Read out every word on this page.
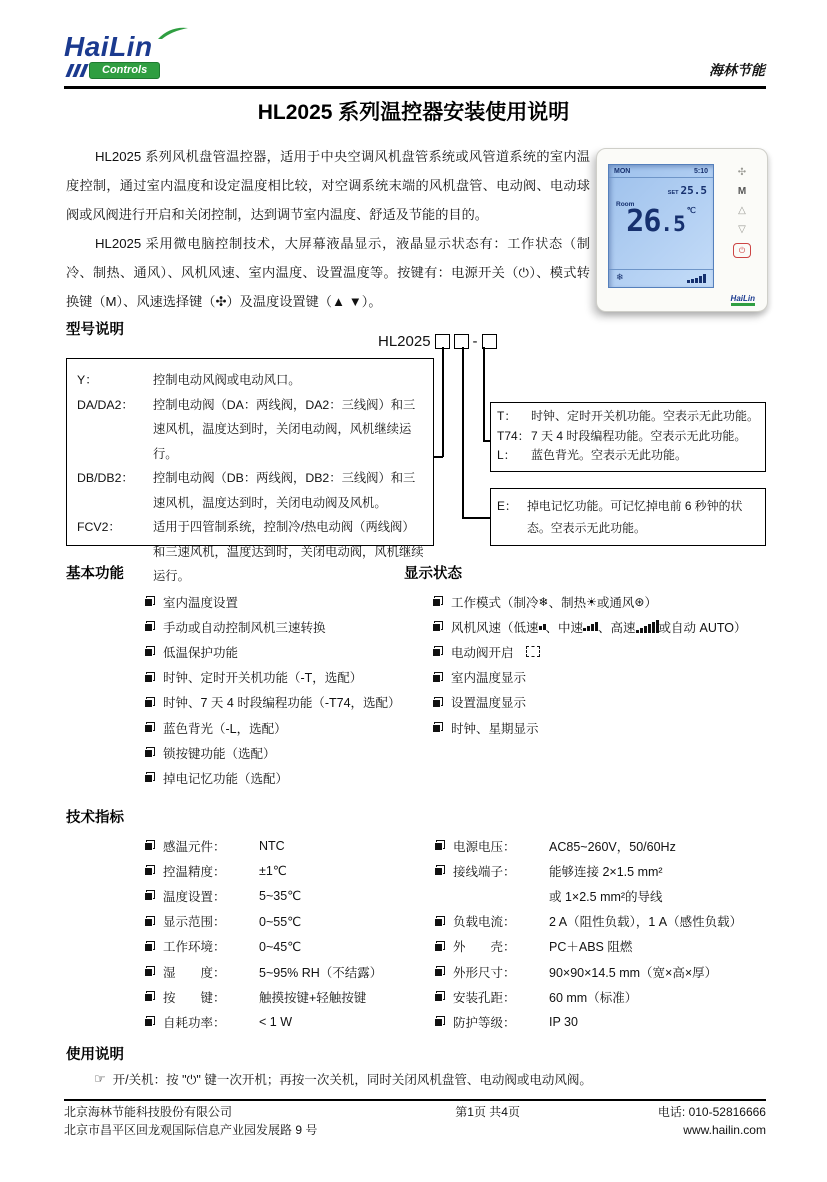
HaiLin
Controls	海林节能
HL2025 系列温控器安装使用说明

HL2025 系列风机盘管温控器，适用于中央空调风机盘管系统或风管道系统的室内温度控制，通过室内温度和设定温度相比较，对空调系统末端的风机盘管、电动阀、电动球阀或风阀进行开启和关闭控制，达到调节室内温度、舒适及节能的目的。

HL2025 采用微电脑控制技术，大屏幕液晶显示，液晶显示状态有：工作状态（制冷、制热、通风）、风机风速、室内温度、设置温度等。按键有：电源开关（⏻）、模式转换键（M）、风速选择键（✣）及温度设置键（▲ ▼）。

MON	5:10
SET 25.5
Room
26.5℃
❄
✣
M
△
▽
⏻
HaiLin
型号说明
HL2025	-
Y：	控制电动风阀或电动风口。
DA/DA2：	控制电动阀（DA：两线阀，DA2：三线阀）和三速风机，温度达到时，关闭电动阀，风机继续运行。
DB/DB2：	控制电动阀（DB：两线阀，DB2：三线阀）和三速风机，温度达到时，关闭电动阀及风机。
FCV2：	适用于四管制系统，控制冷/热电动阀（两线阀）和三速风机，温度达到时，关闭电动阀，风机继续运行。
T：	时钟、定时开关机功能。空表示无此功能。
T74： 7 天 4 时段编程功能。空表示无此功能。
L：	蓝色背光。空表示无此功能。
E： 掉电记忆功能。可记忆掉电前 6 秒钟的状态。空表示无此功能。
基本功能
室内温度设置
手动或自动控制风机三速转换
低温保护功能
时钟、定时开关机功能（-T，选配）
时钟、7 天 4 时段编程功能（-T74，选配）
蓝色背光（-L，选配）
锁按键功能（选配）
掉电记忆功能（选配）
显示状态
工作模式（制冷 ❄ 、制热 ☀ 或通风 ⊛ ）
风机风速（低速 、中速 、高速 或自动 AUTO）
电动阀开启
室内温度显示
设置温度显示
时钟、星期显示
技术指标
感温元件：	NTC
控温精度：	±1℃
温度设置：	5~35℃
显示范围：	0~55℃
工作环境：	0~45℃
湿　　度：	5~95% RH（不结露）
按　　键：	触摸按键+轻触按键
自耗功率：	< 1 W
电源电压：	AC85~260V，50/60Hz
接线端子：	能够连接 2×1.5 mm²
或 1×2.5 mm²的导线
负载电流：	2 A（阻性负载），1 A（感性负载）
外　　壳：	PC＋ABS 阻燃
外形尺寸：	90×90×14.5 mm（宽×高×厚）
安装孔距：	60 mm（标准）
防护等级：	IP 30
使用说明
☞ 开/关机：按 "⏻" 键一次开机；再按一次关机，同时关闭风机盘管、电动阀或电动风阀。
北京海林节能科技股份有限公司
北京市昌平区回龙观国际信息产业园发展路 9 号
第1页 共4页	电话: 010-52816666
www.hailin.com
